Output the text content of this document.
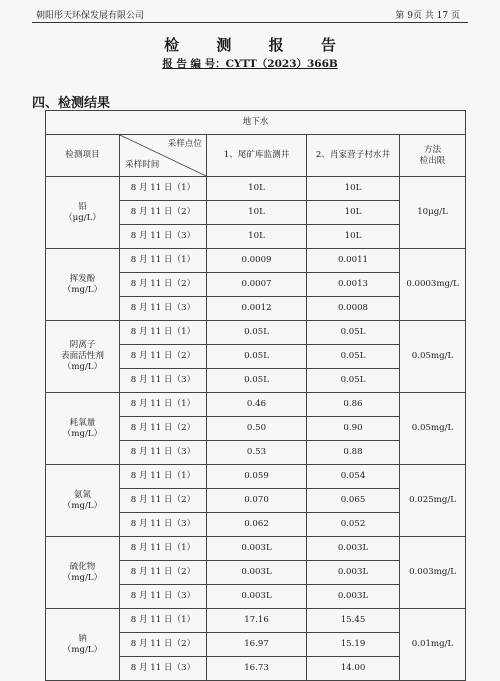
朝阳彤天环保发展有限公司	第 9页 共 17 页
检 测 报 告
报 告 编 号：CYTT（2023）366B
四、检测结果
地下水				
检测项目	采样点位
采样时间	1、尾矿库监测井	2、肖家营子村水井	方法
检出限
铅
（μg/L）	8 月 11 日（1）	10L	10L	10μg/L
	8 月 11 日（2）	10L	10L	
	8 月 11 日（3）	10L	10L	
挥发酚
（mg/L）	8 月 11 日（1）	0.0009	0.0011	0.0003mg/L
	8 月 11 日（2）	0.0007	0.0013	
	8 月 11 日（3）	0.0012	0.0008	
阴离子
表面活性剂
（mg/L）	8 月 11 日（1）	0.05L	0.05L	0.05mg/L
	8 月 11 日（2）	0.05L	0.05L	
	8 月 11 日（3）	0.05L	0.05L	
耗氧量
（mg/L）	8 月 11 日（1）	0.46	0.86	0.05mg/L
	8 月 11 日（2）	0.50	0.90	
	8 月 11 日（3）	0.53	0.88	
氨氮
（mg/L）	8 月 11 日（1）	0.059	0.054	0.025mg/L
	8 月 11 日（2）	0.070	0.065	
	8 月 11 日（3）	0.062	0.052	
硫化物
（mg/L）	8 月 11 日（1）	0.003L	0.003L	0.003mg/L
	8 月 11 日（2）	0.003L	0.003L	
	8 月 11 日（3）	0.003L	0.003L	
钠
（mg/L）	8 月 11 日（1）	17.16	15.45	0.01mg/L
	8 月 11 日（2）	16.97	15.19	
	8 月 11 日（3）	16.73	14.00	
